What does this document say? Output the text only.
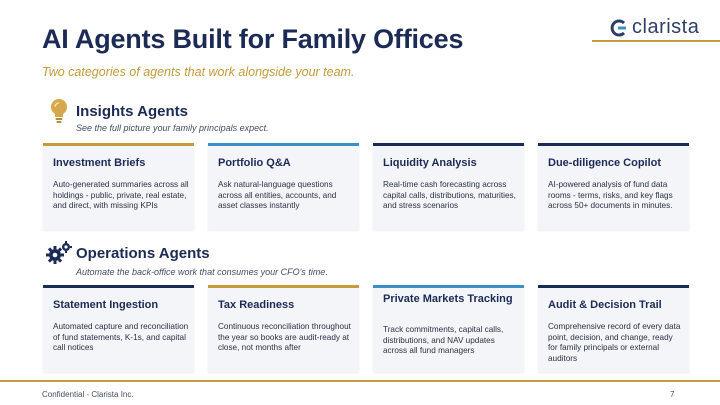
AI Agents Built for Family Offices
Two categories of agents that work alongside your team.
clarista
Insights Agents
See the full picture your family principals expect.
Investment Briefs
Auto-generated summaries across all holdings - public, private, real estate, and direct, with missing KPIs
Portfolio Q&A
Ask natural-language questions across all entities, accounts, and asset classes instantly
Liquidity Analysis
Real-time cash forecasting across capital calls, distributions, maturities, and stress scenarios
Due-diligence Copilot
AI-powered analysis of fund data rooms - terms, risks, and key flags across 50+ documents in minutes.
Operations Agents
Automate the back-office work that consumes your CFO's time.
Statement Ingestion
Automated capture and reconciliation of fund statements, K-1s, and capital call notices
Tax Readiness
Continuous reconciliation throughout the year so books are audit-ready at close, not months after
Private Markets Tracking
Track commitments, capital calls, distributions, and NAV updates across all fund managers
Audit & Decision Trail
Comprehensive record of every data point, decision, and change, ready for family principals or external auditors
Confidential - Clarista Inc.	7
